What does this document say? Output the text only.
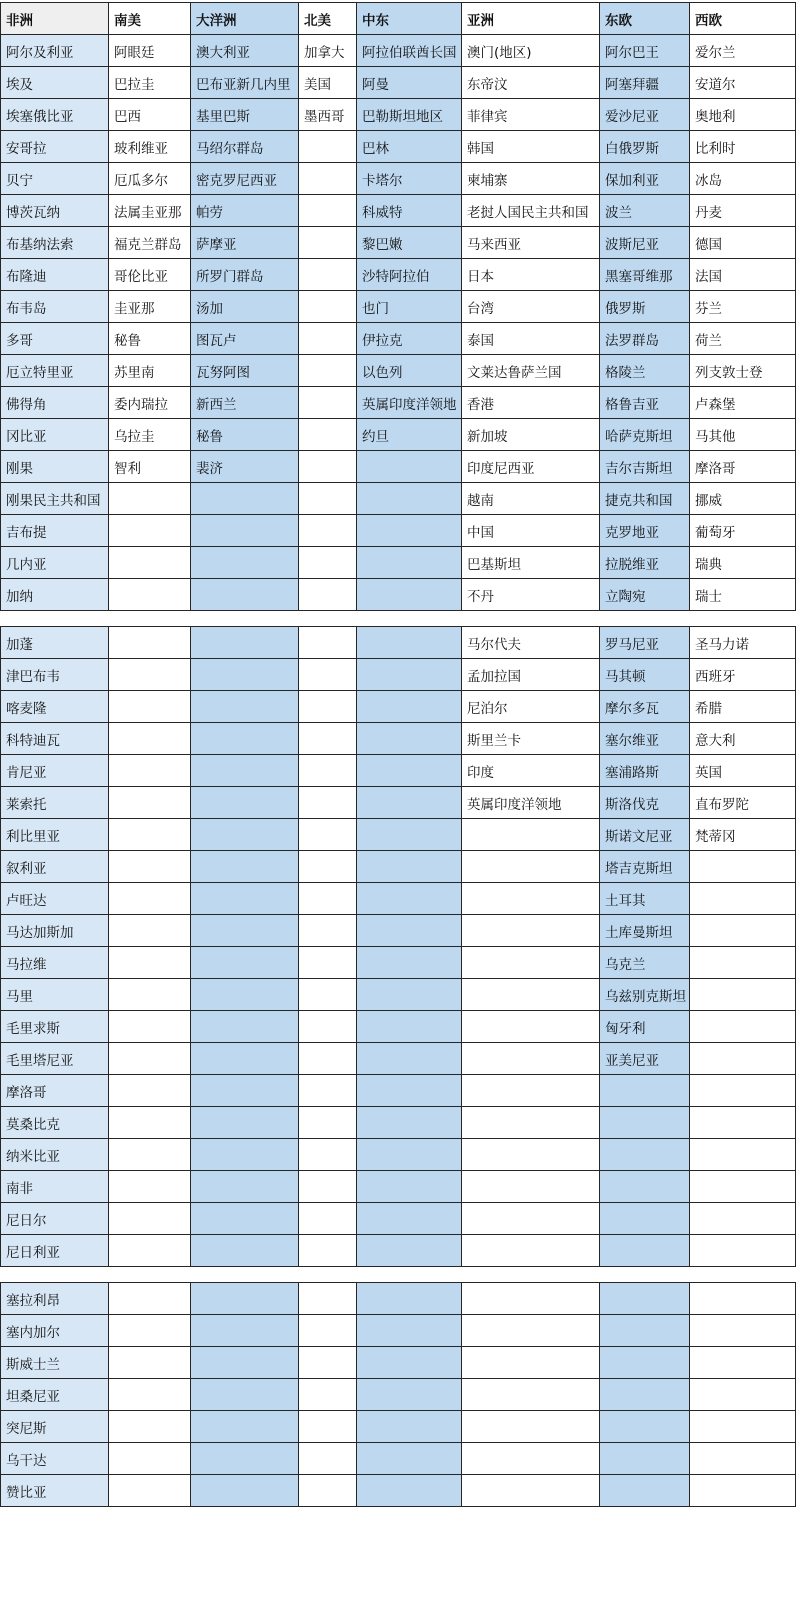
非洲	南美	大洋洲	北美	中东	亚洲	东欧	西欧
阿尔及利亚	阿眼廷	澳大利亚	加拿大	阿拉伯联酋长国	澳门(地区)	阿尔巴王	爱尔兰
埃及	巴拉圭	巴布亚新几内里	美国	阿曼	东帝汶	阿塞拜疆	安道尔
埃塞俄比亚	巴西	基里巴斯	墨西哥	巴勒斯坦地区	菲律宾	爱沙尼亚	奥地利
安哥拉	玻利维亚	马绍尔群岛		巴林	韩国	白俄罗斯	比利时
贝宁	厄瓜多尔	密克罗尼西亚		卡塔尔	柬埔寨	保加利亚	冰岛
博茨瓦纳	法属圭亚那	帕劳		科威特	老挝人国民主共和国	波兰	丹麦
布基纳法索	福克兰群岛	萨摩亚		黎巴嫩	马来西亚	波斯尼亚	德国
布隆迪	哥伦比亚	所罗门群岛		沙特阿拉伯	日本	黑塞哥维那	法国
布韦岛	圭亚那	汤加		也门	台湾	俄罗斯	芬兰
多哥	秘鲁	图瓦卢		伊拉克	泰国	法罗群岛	荷兰
厄立特里亚	苏里南	瓦努阿图		以色列	文莱达鲁萨兰国	格陵兰	列支敦士登
佛得角	委内瑞拉	新西兰		英属印度洋领地	香港	格鲁吉亚	卢森堡
冈比亚	乌拉圭	秘鲁		约旦	新加坡	哈萨克斯坦	马其他
刚果	智利	裴济			印度尼西亚	吉尔吉斯坦	摩洛哥
刚果民主共和国					越南	捷克共和国	挪威
吉布提					中国	克罗地亚	葡萄牙
几内亚					巴基斯坦	拉脱维亚	瑞典
加纳					不丹	立陶宛	瑞士
加蓬					马尔代夫	罗马尼亚	圣马力诺
津巴布韦					孟加拉国	马其顿	西班牙
喀麦隆					尼泊尔	摩尔多瓦	希腊
科特迪瓦					斯里兰卡	塞尔维亚	意大利
肯尼亚					印度	塞浦路斯	英国
莱索托					英属印度洋领地	斯洛伐克	直布罗陀
利比里亚						斯诺文尼亚	梵蒂冈
叙利亚						塔吉克斯坦	
卢旺达						土耳其	
马达加斯加						土库曼斯坦	
马拉维						乌克兰	
马里						乌兹别克斯坦	
毛里求斯						匈牙利	
毛里塔尼亚						亚美尼亚	
摩洛哥							
莫桑比克							
纳米比亚							
南非							
尼日尔							
尼日利亚							
塞拉利昂							
塞内加尔							
斯威士兰							
坦桑尼亚							
突尼斯							
乌干达							
赞比亚							
